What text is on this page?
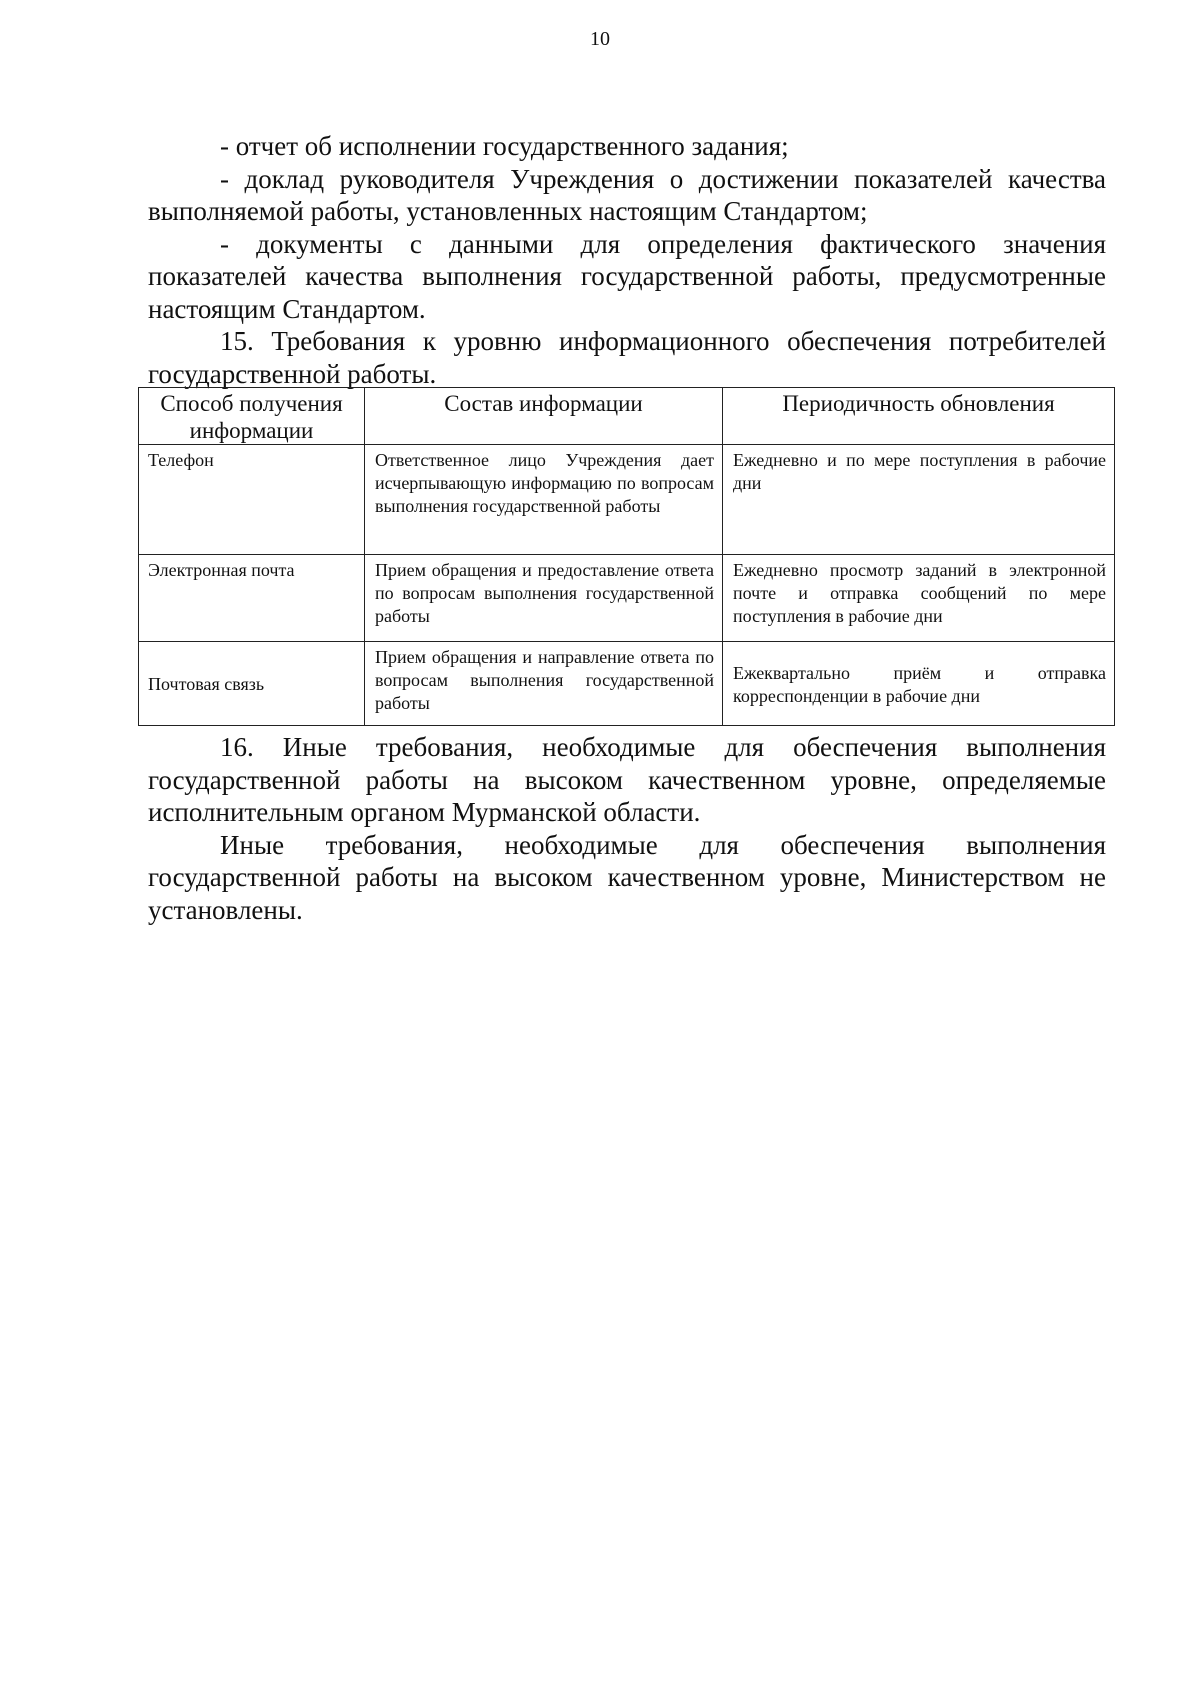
10

- отчет об исполнении государственного задания;

- доклад руководителя Учреждения о достижении показателей качества выполняемой работы, установленных настоящим Стандартом;

- документы с данными для определения фактического значения показателей качества выполнения государственной работы, предусмотренные настоящим Стандартом.

15. Требования к уровню информационного обеспечения потребителей государственной работы.

Способ получения информации	Состав информации	Периодичность обновления
Телефон	Ответственное лицо Учреждения дает исчерпывающую информацию по вопросам выполнения государственной работы	Ежедневно и по мере поступления в рабочие дни
Электронная почта	Прием обращения и предоставление ответа по вопросам выполнения государственной работы	Ежедневно просмотр заданий в электронной почте и отправка сообщений по мере поступления в рабочие дни
Почтовая связь	Прием обращения и направление ответа по вопросам выполнения государственной работы	Ежеквартально приём и отправка корреспонденции в рабочие дни

16. Иные требования, необходимые для обеспечения выполнения государственной работы на высоком качественном уровне, определяемые исполнительным органом Мурманской области.

Иные требования, необходимые для обеспечения выполнения государственной работы на высоком качественном уровне, Министерством не установлены.
